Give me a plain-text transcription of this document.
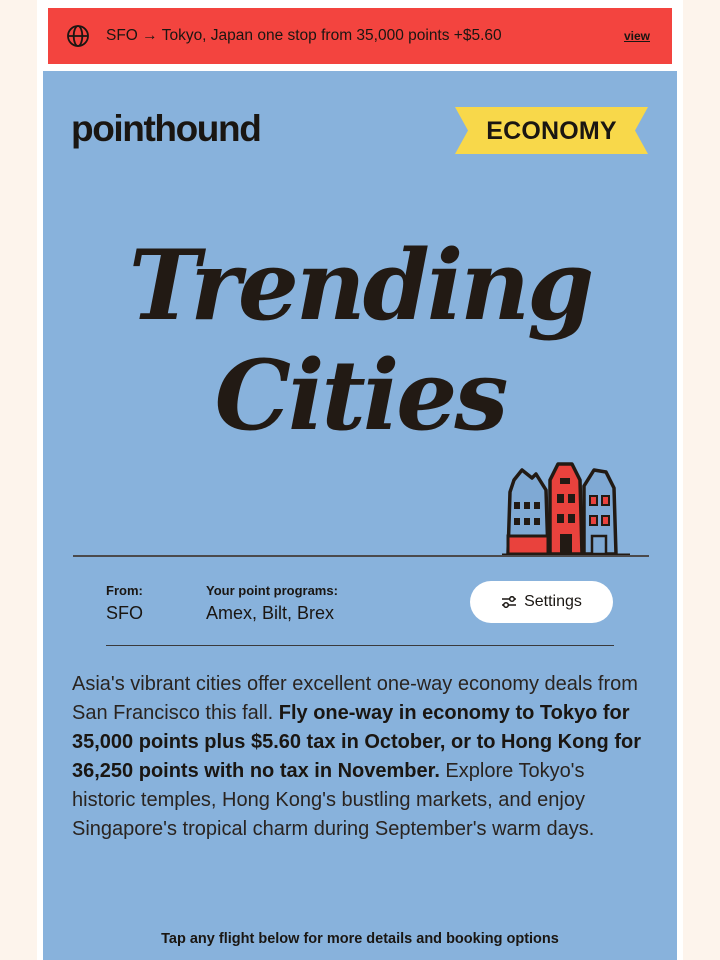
SFO → Tokyo, Japan one stop from 35,000 points +$5.60	view
pointhound	ECONOMY
Trending
Cities
From:
SFO
Your point programs:
Amex, Bilt, Brex
Settings

Asia's vibrant cities offer excellent one-way economy deals from San Francisco this fall. Fly one-way in economy to Tokyo for 35,000 points plus $5.60 tax in October, or to Hong Kong for 36,250 points with no tax in November. Explore Tokyo's historic temples, Hong Kong's bustling markets, and enjoy Singapore's tropical charm during September's warm days.

Tap any flight below for more details and booking options
